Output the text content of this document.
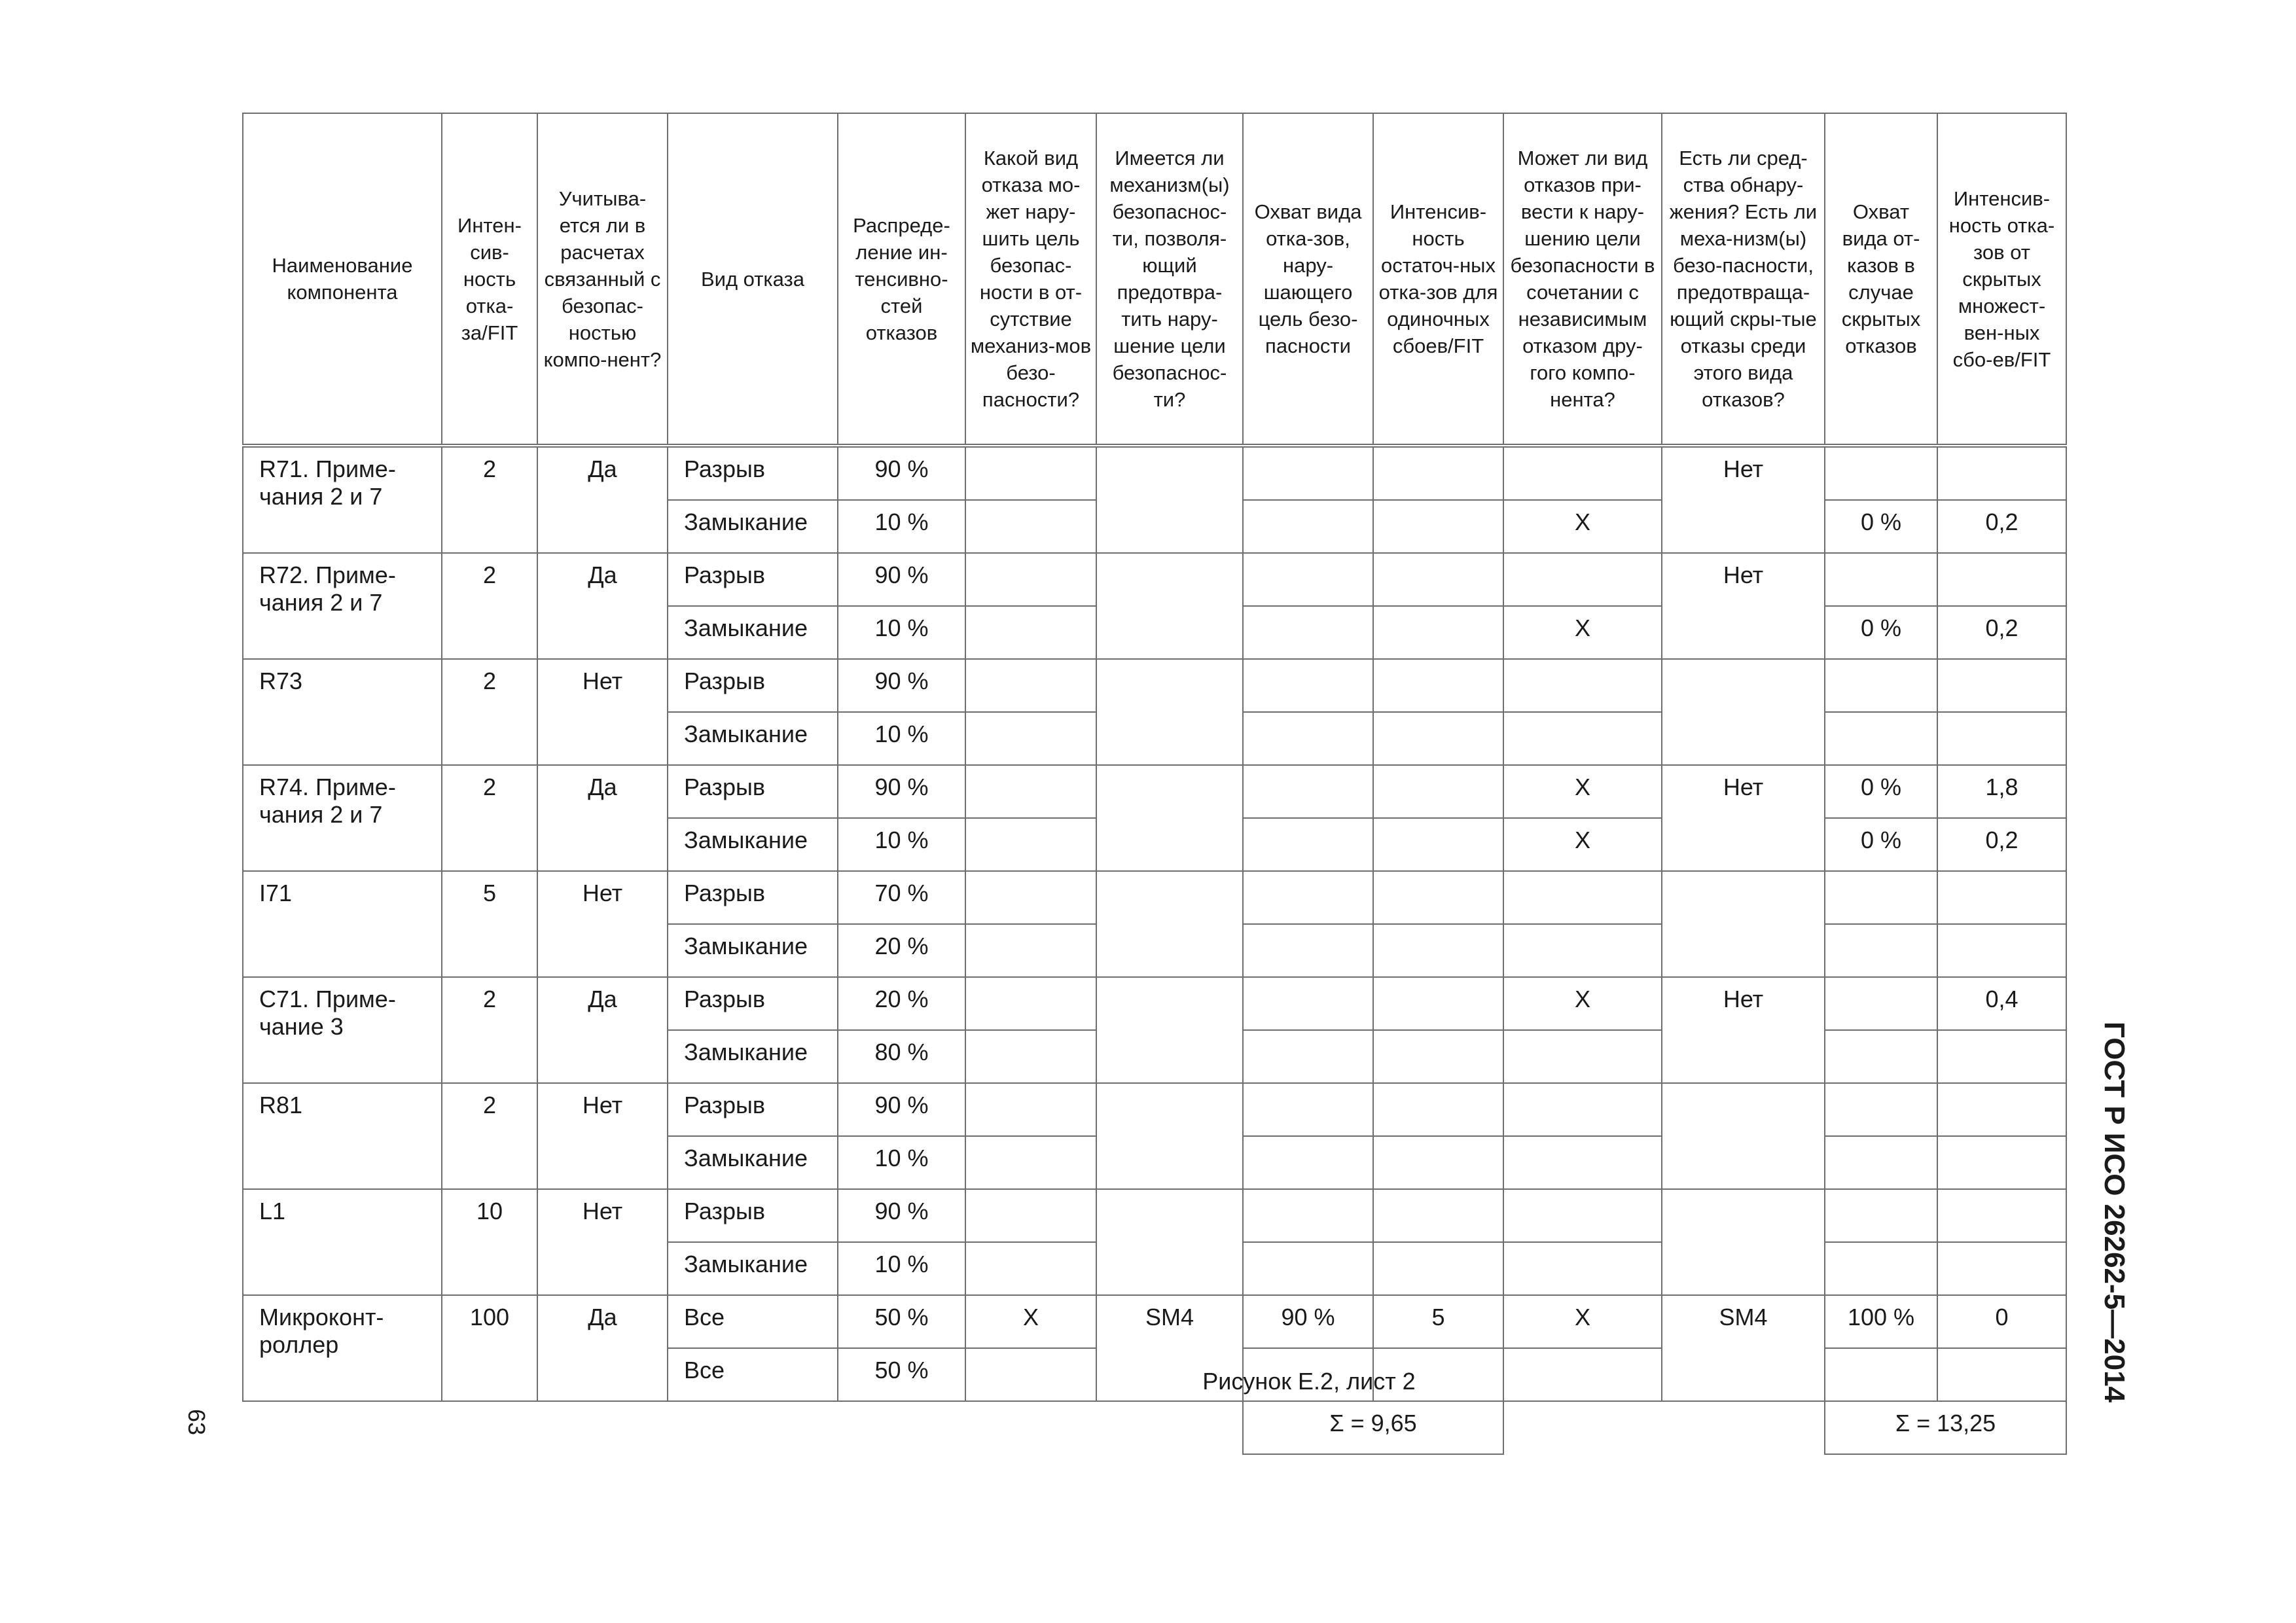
Наименование компонента	Интен-сив-ность отка-за/FIT	Учитыва-ется ли в расчетах связанный с безопас-ностью компо-нент?	Вид отказа	Распреде-ление ин-тенсивно-стей отказов	Какой вид отказа мо-жет нару-шить цель безопас-ности в от-сутствие механиз-мов безо-пасности?	Имеется ли механизм(ы) безопаснос-ти, позволя-ющий предотвра-тить нару-шение цели безопаснос-ти?	Охват вида отка-зов, нару-шающего цель безо-пасности	Интенсив-ность остаточ-ных отка-зов для одиночных сбоев/FIT	Может ли вид отказов при-вести к нару-шению цели безопасности в сочетании с независимым отказом дру-гого компо-нента?	Есть ли сред-ства обнару-жения? Есть ли меха-низм(ы) безо-пасности, предотвраща-ющий скры-тые отказы среди этого вида отказов?	Охват вида от-казов в случае скрытых отказов	Интенсив-ность отка-зов от скрытых множест-вен-ных сбо-ев/FIT
R71. Приме-чания 2 и 7	2	Да	Разрыв	90 %						Нет		
			Замыкание	10 %					X		0 %	0,2
R72. Приме-чания 2 и 7	2	Да	Разрыв	90 %						Нет		
			Замыкание	10 %					X		0 %	0,2
R73	2	Нет	Разрыв	90 %								
			Замыкание	10 %								
R74. Приме-чания 2 и 7	2	Да	Разрыв	90 %					X	Нет	0 %	1,8
			Замыкание	10 %					X		0 %	0,2
I71	5	Нет	Разрыв	70 %								
			Замыкание	20 %								
C71. Приме-чание 3	2	Да	Разрыв	20 %					X	Нет		0,4
			Замыкание	80 %								
R81	2	Нет	Разрыв	90 %								
			Замыкание	10 %								
L1	10	Нет	Разрыв	90 %								
			Замыкание	10 %								
Микроконт-роллер	100	Да	Все	50 %	X	SM4	90 %	5	X	SM4	100 %	0
			Все	50 %								
							Σ = 9,65				Σ = 13,25	
Рисунок Е.2, лист 2
63
ГОСТ Р ИСО 26262-5—2014
